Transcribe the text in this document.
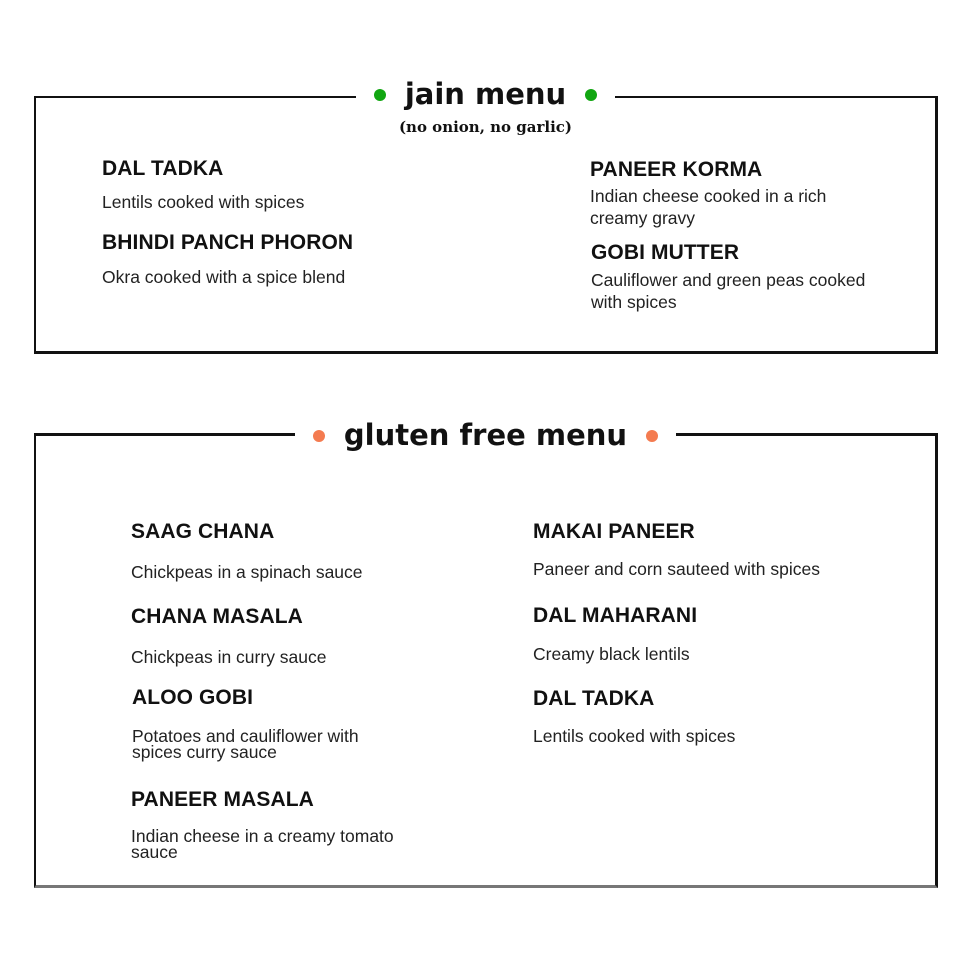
jain menu
(no onion, no garlic)
DAL TADKA
Lentils cooked with spices
BHINDI PANCH PHORON
Okra cooked with a spice blend
PANEER KORMA
Indian cheese cooked in a rich creamy gravy
GOBI MUTTER
Cauliflower and green peas cooked with spices
gluten free menu
SAAG CHANA
Chickpeas in a spinach sauce
CHANA MASALA
Chickpeas in curry sauce
ALOO GOBI
Potatoes and cauliflower with spices curry sauce
PANEER MASALA
Indian cheese in a creamy tomato sauce
MAKAI PANEER
Paneer and corn sauteed with spices
DAL MAHARANI
Creamy black lentils
DAL TADKA
Lentils cooked with spices
